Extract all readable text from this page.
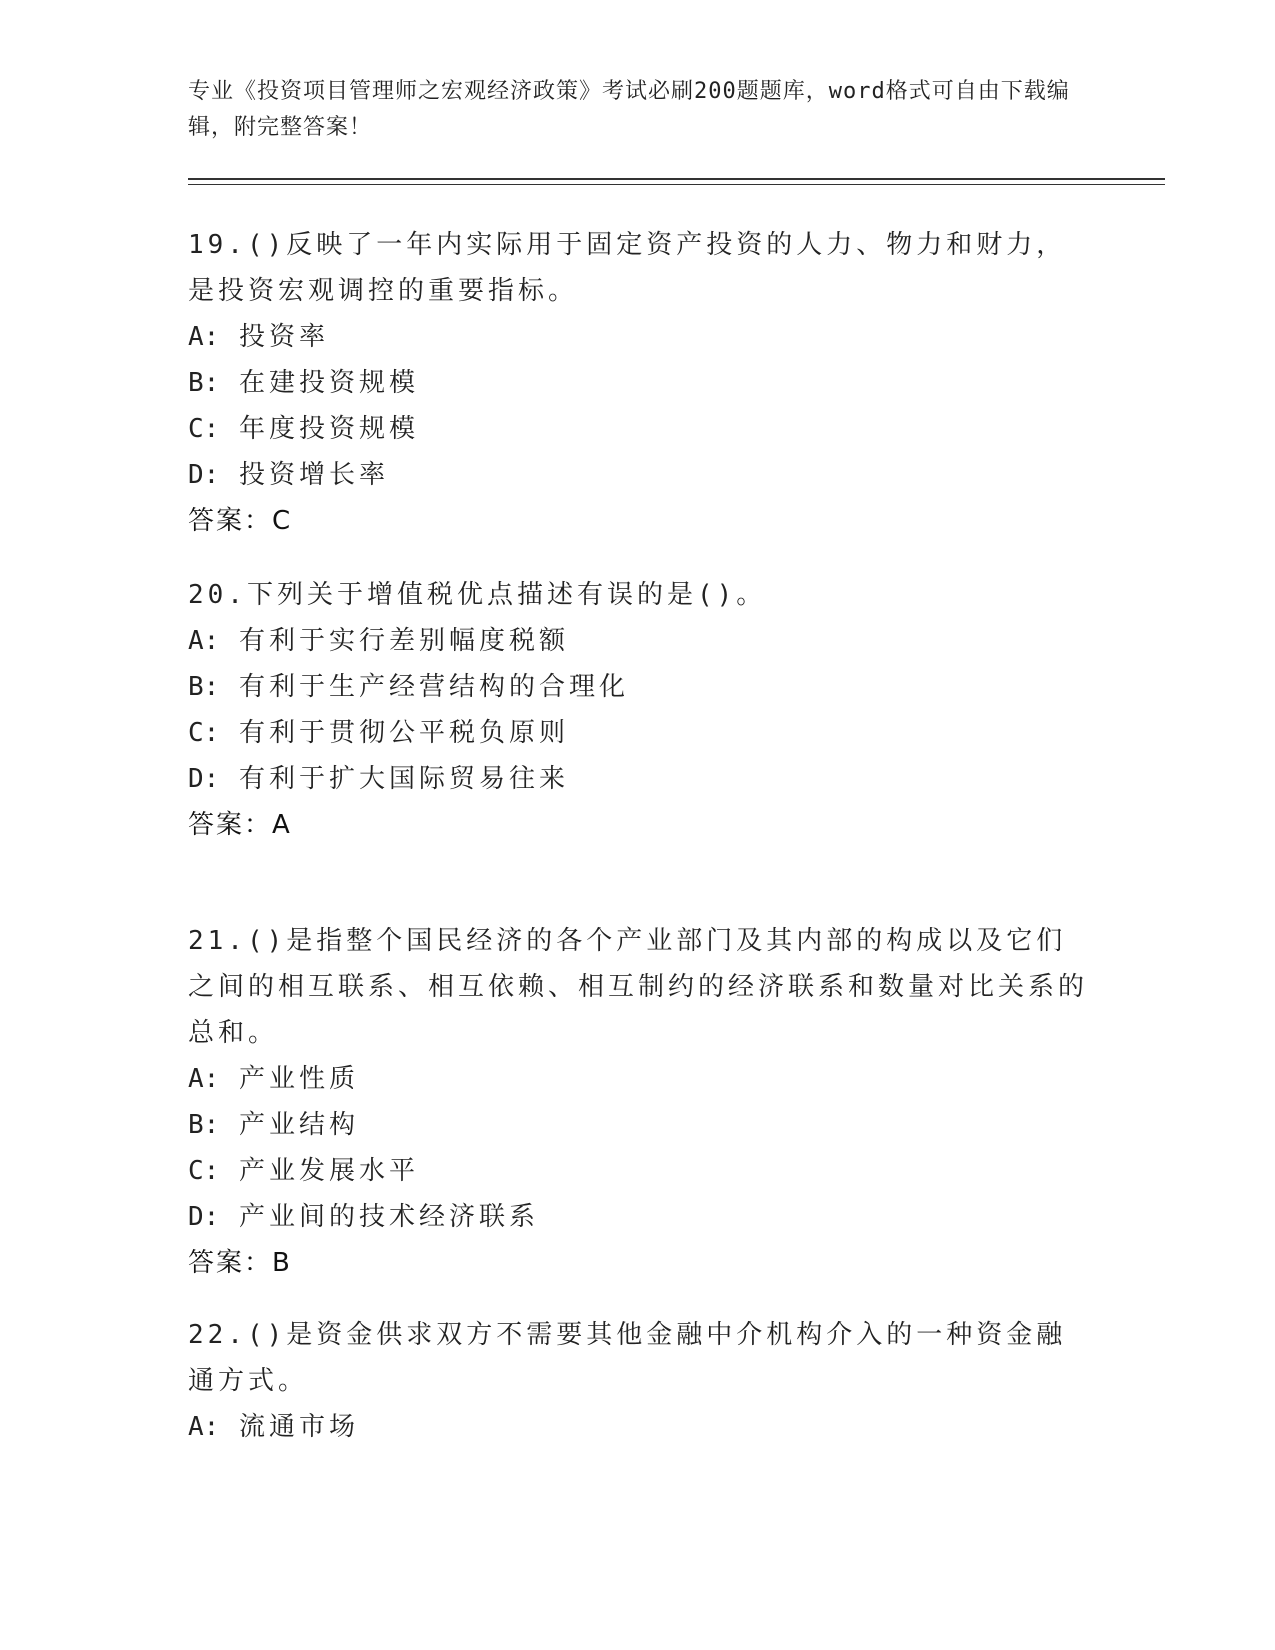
专业《投资项目管理师之宏观经济政策》考试必刷200题题库，word格式可自由下载编辑，附完整答案！

19.()反映了一年内实际用于固定资产投资的人力、物力和财力，是投资宏观调控的重要指标。

A: 投资率

B: 在建投资规模

C: 年度投资规模

D: 投资增长率

答案：C

20.下列关于增值税优点描述有误的是()。

A: 有利于实行差别幅度税额

B: 有利于生产经营结构的合理化

C: 有利于贯彻公平税负原则

D: 有利于扩大国际贸易往来

答案：A

21.()是指整个国民经济的各个产业部门及其内部的构成以及它们之间的相互联系、相互依赖、相互制约的经济联系和数量对比关系的总和。

A: 产业性质

B: 产业结构

C: 产业发展水平

D: 产业间的技术经济联系

答案：B

22.()是资金供求双方不需要其他金融中介机构介入的一种资金融通方式。

A: 流通市场
